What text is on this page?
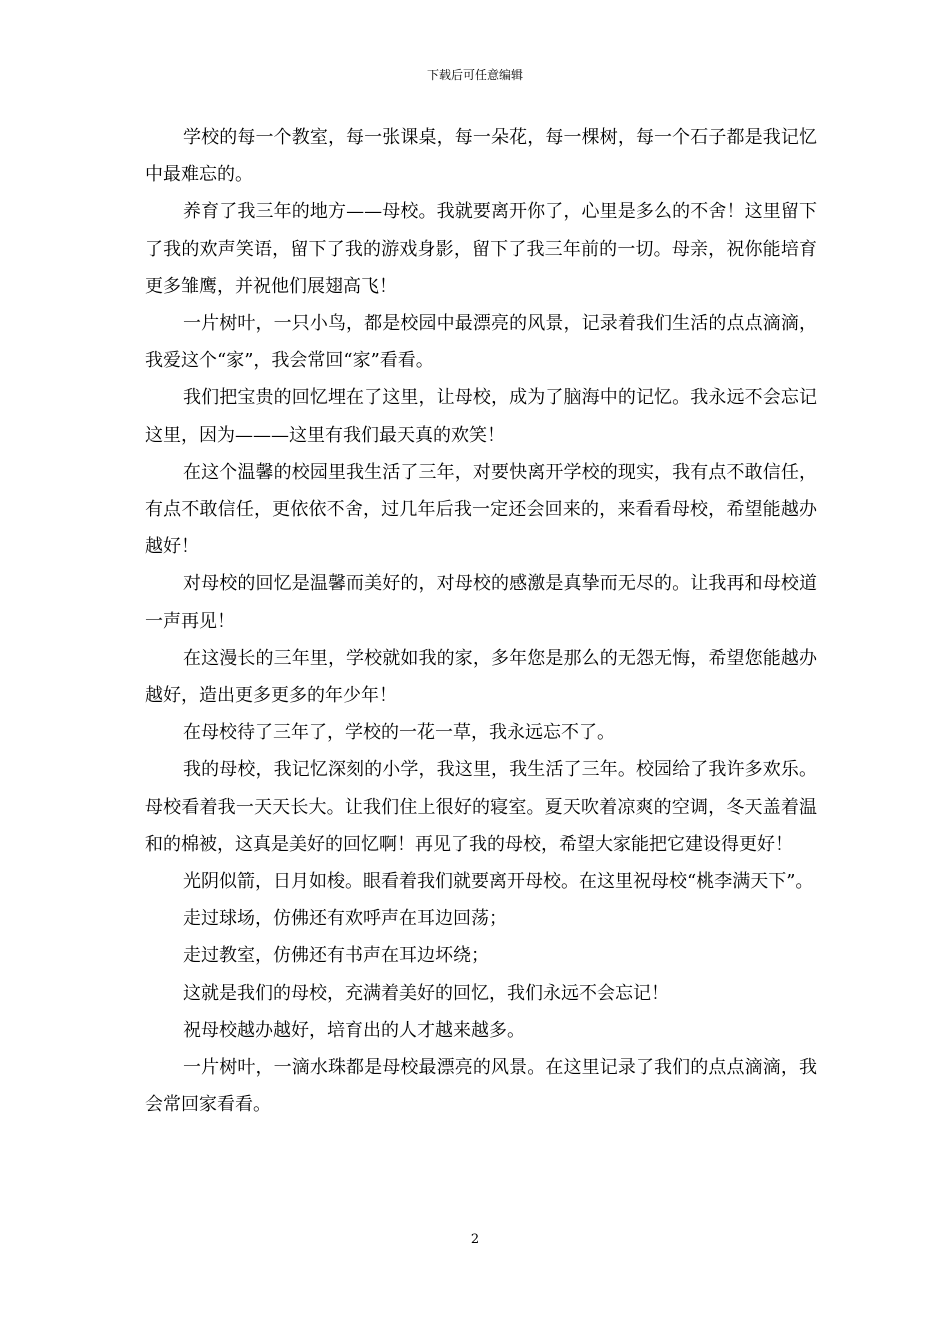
下载后可任意编辑

学校的每一个教室，每一张课桌，每一朵花，每一棵树，每一个石子都是我记忆中最难忘的。

养育了我三年的地方——母校。我就要离开你了，心里是多么的不舍！这里留下了我的欢声笑语，留下了我的游戏身影，留下了我三年前的一切。母亲，祝你能培育更多雏鹰，并祝他们展翅高飞！

一片树叶，一只小鸟，都是校园中最漂亮的风景，记录着我们生活的点点滴滴，我爱这个“家”，我会常回“家”看看。

我们把宝贵的回忆埋在了这里，让母校，成为了脑海中的记忆。我永远不会忘记这里，因为———这里有我们最天真的欢笑！

在这个温馨的校园里我生活了三年，对要快离开学校的现实，我有点不敢信任，有点不敢信任，更依依不舍，过几年后我一定还会回来的，来看看母校，希望能越办越好！

对母校的回忆是温馨而美好的，对母校的感激是真挚而无尽的。让我再和母校道一声再见！

在这漫长的三年里，学校就如我的家，多年您是那么的无怨无悔，希望您能越办越好，造出更多更多的年少年！

在母校待了三年了，学校的一花一草，我永远忘不了。

我的母校，我记忆深刻的小学，我这里，我生活了三年。校园给了我许多欢乐。母校看着我一天天长大。让我们住上很好的寝室。夏天吹着凉爽的空调，冬天盖着温和的棉被，这真是美好的回忆啊！再见了我的母校，希望大家能把它建设得更好！

光阴似箭，日月如梭。眼看着我们就要离开母校。在这里祝母校“桃李满天下”。

走过球场，仿佛还有欢呼声在耳边回荡；

走过教室，仿佛还有书声在耳边坏绕；

这就是我们的母校，充满着美好的回忆，我们永远不会忘记！

祝母校越办越好，培育出的人才越来越多。

一片树叶，一滴水珠都是母校最漂亮的风景。在这里记录了我们的点点滴滴，我会常回家看看。

2
